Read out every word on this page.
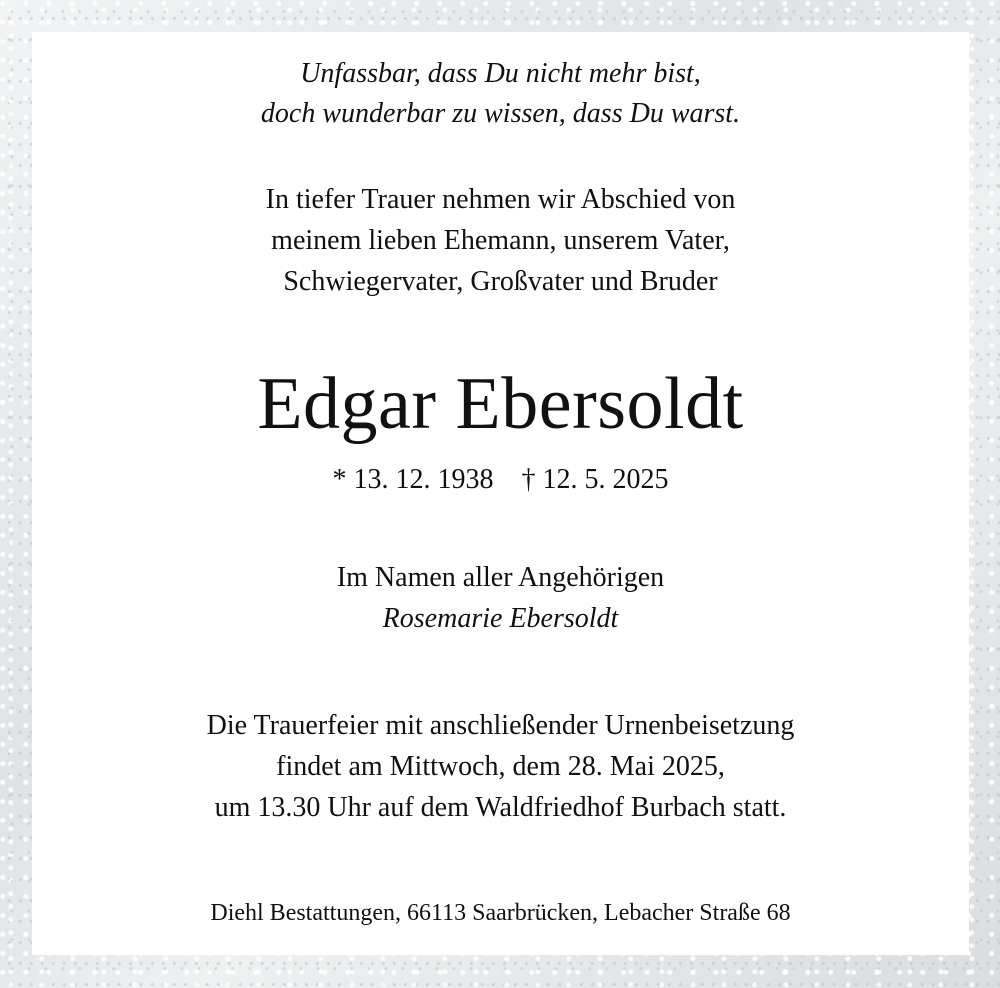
Unfassbar, dass Du nicht mehr bist,
doch wunderbar zu wissen, dass Du warst.
In tiefer Trauer nehmen wir Abschied von
meinem lieben Ehemann, unserem Vater,
Schwiegervater, Großvater und Bruder
Edgar Ebersoldt
* 13. 12. 1938 † 12. 5. 2025
Im Namen aller Angehörigen
Rosemarie Ebersoldt
Die Trauerfeier mit anschließender Urnenbeisetzung
findet am Mittwoch, dem 28. Mai 2025,
um 13.30 Uhr auf dem Waldfriedhof Burbach statt.
Diehl Bestattungen, 66113 Saarbrücken, Lebacher Straße 68
